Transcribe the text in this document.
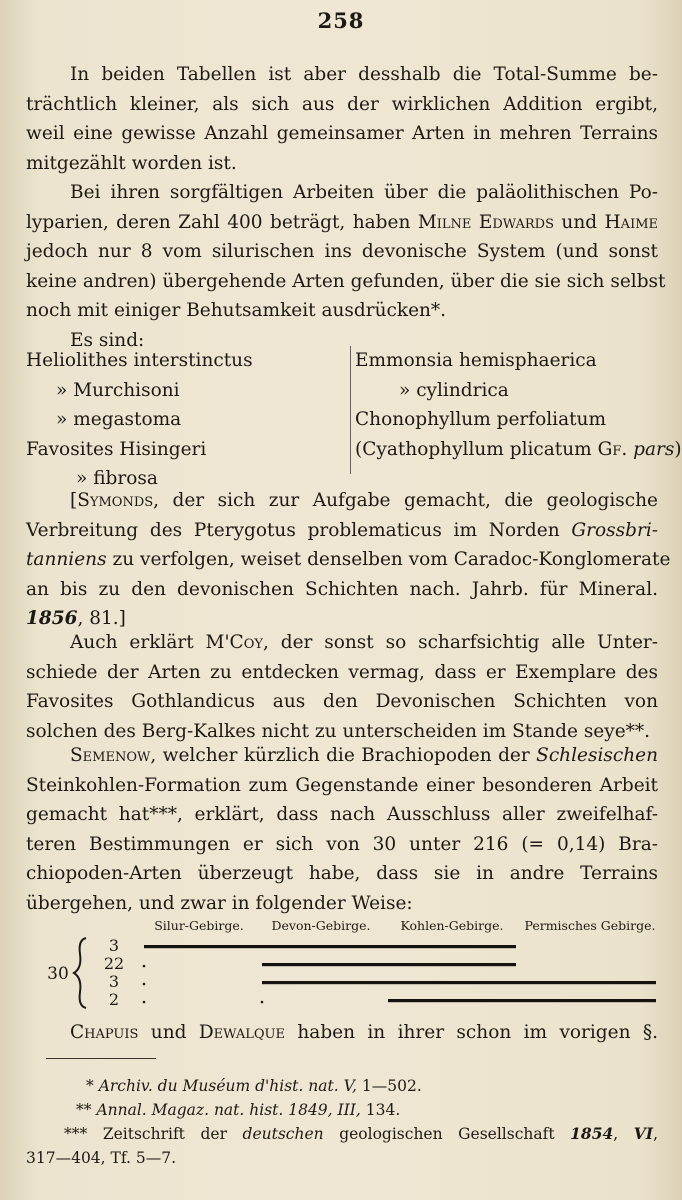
258
In beiden Tabellen ist aber desshalb die Total-Summe be-
trächtlich kleiner, als sich aus der wirklichen Addition ergibt,
weil eine gewisse Anzahl gemeinsamer Arten in mehren Terrains
mitgezählt worden ist.
Bei ihren sorgfältigen Arbeiten über die paläolithischen Po-
lyparien, deren Zahl 400 beträgt, haben Milne Edwards und Haime
jedoch nur 8 vom silurischen ins devonische System (und sonst
keine andren) übergehende Arten gefunden, über die sie sich selbst
noch mit einiger Behutsamkeit ausdrücken*.
Es sind:
Heliolithes interstinctus
» Murchisoni
» megastoma
Favosites Hisingeri
» fibrosa
Emmonsia hemisphaerica
» cylindrica
Chonophyllum perfoliatum
(Cyathophyllum plicatum Gf. pars)
[Symonds, der sich zur Aufgabe gemacht, die geologische
Verbreitung des Pterygotus problematicus im Norden Grossbri-
tanniens zu verfolgen, weiset denselben vom Caradoc-Konglomerate
an bis zu den devonischen Schichten nach. Jahrb. für Mineral.
1856, 81.]
Auch erklärt M'Coy, der sonst so scharfsichtig alle Unter-
schiede der Arten zu entdecken vermag, dass er Exemplare des
Favosites Gothlandicus aus den Devonischen Schichten von
solchen des Berg-Kalkes nicht zu unterscheiden im Stande seye**.
Semenow, welcher kürzlich die Brachiopoden der Schlesischen
Steinkohlen-Formation zum Gegenstande einer besonderen Arbeit
gemacht hat***, erklärt, dass nach Ausschluss aller zweifelhaf-
teren Bestimmungen er sich von 30 unter 216 (= 0,14) Bra-
chiopoden-Arten überzeugt habe, dass sie in andre Terrains
übergehen, und zwar in folgender Weise:
Silur-Gebirge. Devon-Gebirge. Kohlen-Gebirge. Permisches Gebirge.
30
3
22
3
2
Chapuis und Dewalque haben in ihrer schon im vorigen §.
* Archiv. du Muséum d'hist. nat. V, 1—502.
** Annal. Magaz. nat. hist. 1849, III, 134.
*** Zeitschrift der deutschen geologischen Gesellschaft 1854, VI,
317—404, Tf. 5—7.
